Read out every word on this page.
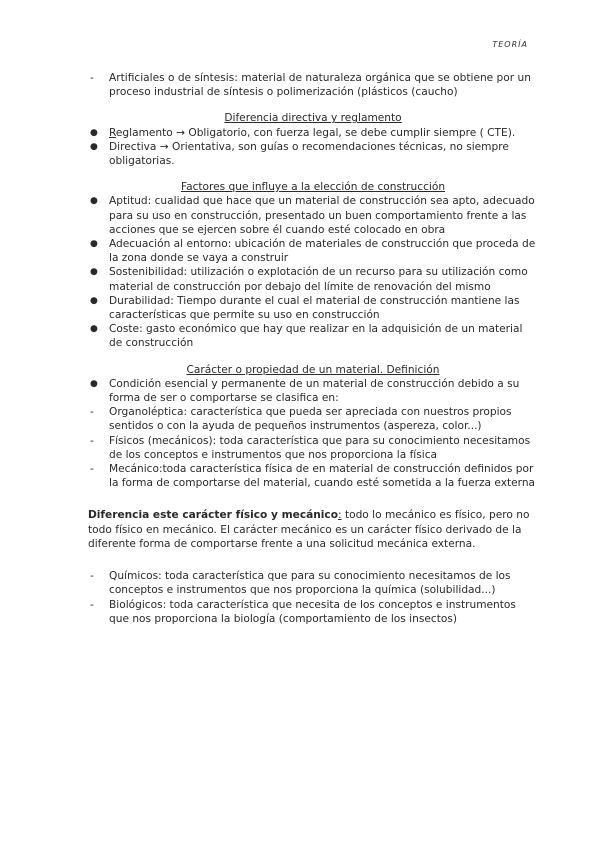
TEORÍA
-	Artificiales o de síntesis: material de naturaleza orgánica que se obtiene por un proceso industrial de síntesis o polimerización (plásticos (caucho)

Diferencia directiva y reglamento

●	Reglamento → Obligatorio, con fuerza legal, se debe cumplir siempre ( CTE).
●	Directiva → Orientativa, son guías o recomendaciones técnicas, no siempre obligatorias.

Factores que influye a la elección de construcción

●	Aptitud: cualidad que hace que un material de construcción sea apto, adecuado para su uso en construcción, presentado un buen comportamiento frente a las acciones que se ejercen sobre él cuando esté colocado en obra
●	Adecuación al entorno: ubicación de materiales de construcción que proceda de la zona donde se vaya a construir
●	Sostenibilidad: utilización o explotación de un recurso para su utilización como material de construcción por debajo del límite de renovación del mismo
●	Durabilidad: Tiempo durante el cual el material de construcción mantiene las características que permite su uso en construcción
●	Coste: gasto económico que hay que realizar en la adquisición de un material de construcción

Carácter o propiedad de un material. Definición

●	Condición esencial y permanente de un material de construcción debido a su forma de ser o comportarse se clasifica en:
-	Organoléptica: característica que pueda ser apreciada con nuestros propios sentidos o con la ayuda de pequeños instrumentos (aspereza, color...)
-	Físicos (mecánicos): toda característica que para su conocimiento necesitamos de los conceptos e instrumentos que nos proporciona la física
-	Mecánico:toda característica física de en material de construcción definidos por la forma de comportarse del material, cuando esté sometida a la fuerza externa

Diferencia este carácter físico y mecánico: todo lo mecánico es físico, pero no todo físico en mecánico. El carácter mecánico es un carácter físico derivado de la diferente forma de comportarse frente a una solicitud mecánica externa.

-	Químicos: toda característica que para su conocimiento necesitamos de los conceptos e instrumentos que nos proporciona la química (solubilidad...)
-	Biológicos: toda característica que necesita de los conceptos e instrumentos que nos proporciona la biología (comportamiento de los insectos)
